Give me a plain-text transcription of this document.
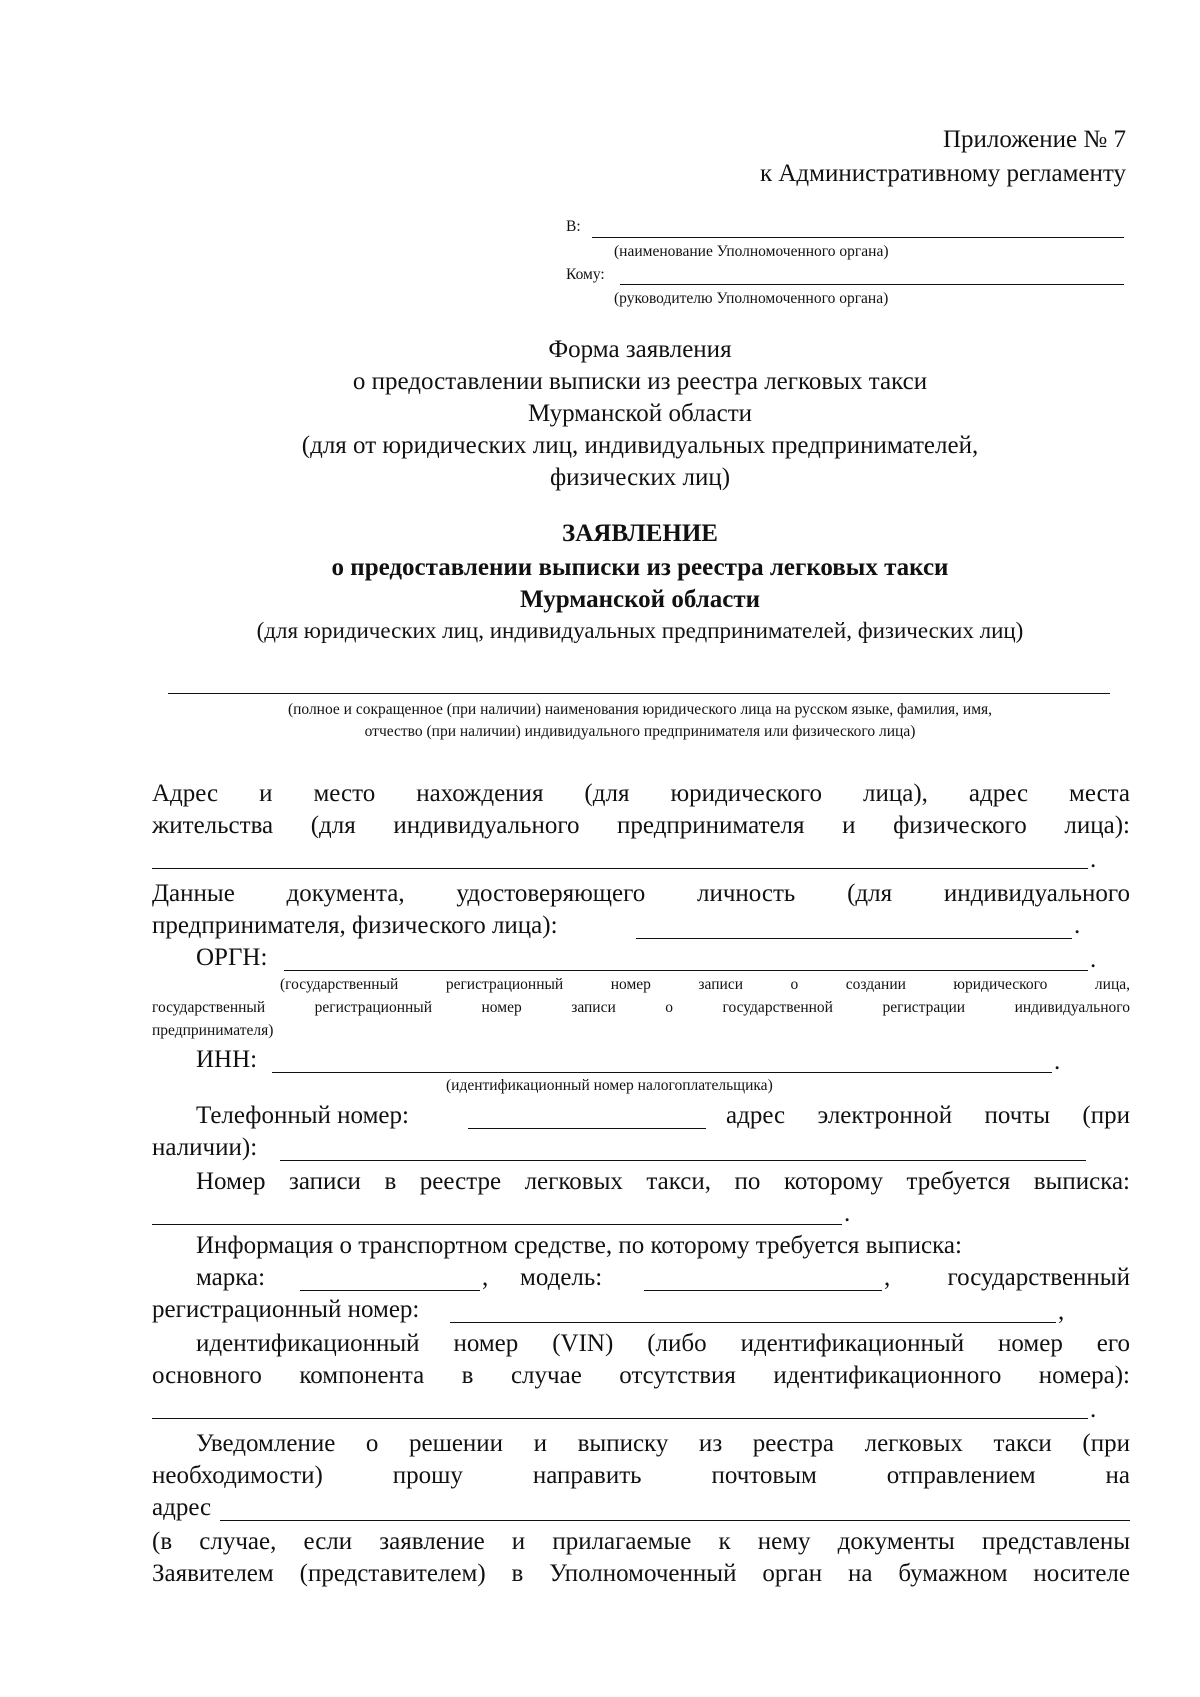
Приложение № 7
к Административному регламенту
В:
(наименование Уполномоченного органа)
Кому:
(руководителю Уполномоченного органа)
Форма заявления
о предоставлении выписки из реестра легковых такси
Мурманской области
(для от юридических лиц, индивидуальных предпринимателей,
физических лиц)
ЗАЯВЛЕНИЕ
о предоставлении выписки из реестра легковых такси
Мурманской области
(для юридических лиц, индивидуальных предпринимателей, физических лиц)
(полное и сокращенное (при наличии) наименования юридического лица на русском языке, фамилия, имя,
отчество (при наличии) индивидуального предпринимателя или физического лица)
Адрес и место нахождения (для юридического лица), адрес места
жительства (для индивидуального предпринимателя и физического лица):
.
Данные документа, удостоверяющего личность (для индивидуального
предпринимателя, физического лица):	.
ОРГН:	.
(государственный регистрационный номер записи о создании юридического лица,
государственный регистрационный номер записи о государственной регистрации индивидуального
предпринимателя)
ИНН:	.
(идентификационный номер налогоплательщика)
Телефонный номер:	адрес электронной почты (при
наличии):
Номер записи в реестре легковых такси, по которому требуется выписка:
.
Информация о транспортном средстве, по которому требуется выписка:
марка:	, модель:	, государственный
регистрационный номер:	,
идентификационный номер (VIN) (либо идентификационный номер его
основного компонента в случае отсутствия идентификационного номера):
.
Уведомление о решении и выписку из реестра легковых такси (при
необходимости) прошу направить почтовым отправлением на
адрес
(в случае, если заявление и прилагаемые к нему документы представлены
Заявителем (представителем) в Уполномоченный орган на бумажном носителе
